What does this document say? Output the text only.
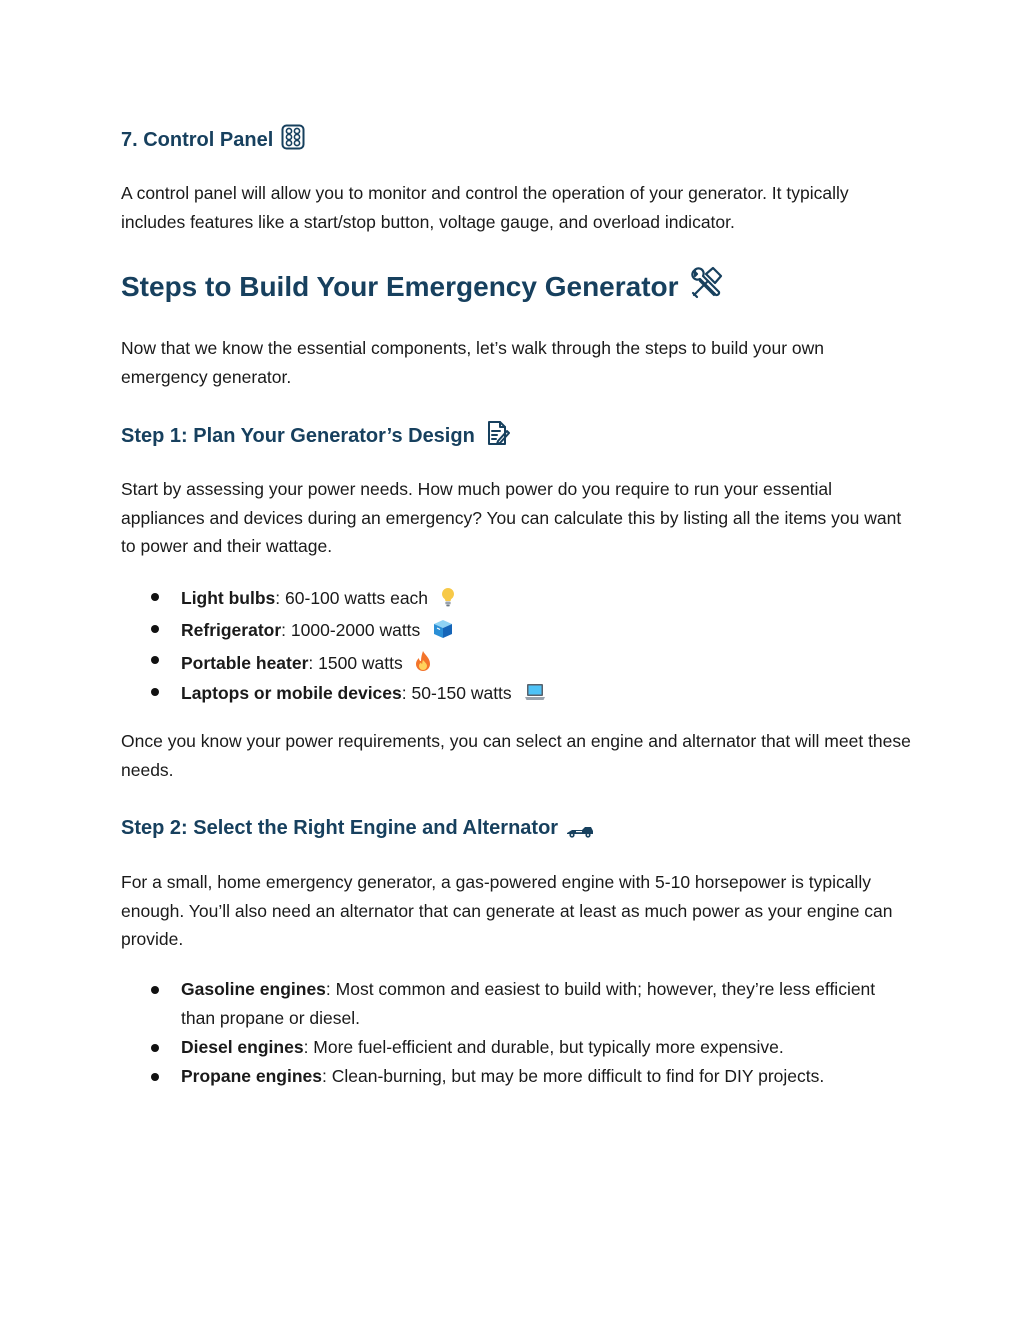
7. Control Panel

A control panel will allow you to monitor and control the operation of your generator. It typically includes features like a start/stop button, voltage gauge, and overload indicator.

Steps to Build Your Emergency Generator

Now that we know the essential components, let’s walk through the steps to build your own emergency generator.

Step 1: Plan Your Generator’s Design

Start by assessing your power needs. How much power do you require to run your essential appliances and devices during an emergency? You can calculate this by listing all the items you want to power and their wattage.

Light bulbs: 60-100 watts each
Refrigerator: 1000-2000 watts
Portable heater: 1500 watts
Laptops or mobile devices: 50-150 watts

Once you know your power requirements, you can select an engine and alternator that will meet these needs.

Step 2: Select the Right Engine and Alternator

For a small, home emergency generator, a gas-powered engine with 5-10 horsepower is typically enough. You’ll also need an alternator that can generate at least as much power as your engine can provide.

Gasoline engines: Most common and easiest to build with; however, they’re less efficient than propane or diesel.
Diesel engines: More fuel-efficient and durable, but typically more expensive.
Propane engines: Clean-burning, but may be more difficult to find for DIY projects.
